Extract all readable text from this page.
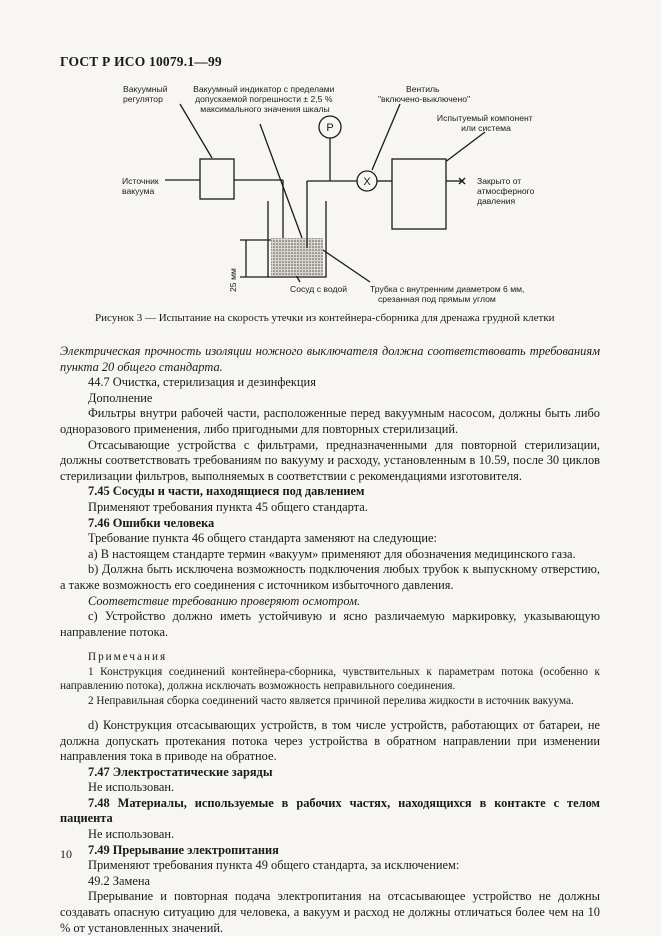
ГОСТ Р ИСО 10079.1—99
P
X
Вакуумный регулятор
Вакуумный индикатор с пределами допускаемой погрешности ± 2,5 % максимального значения шкалы
Вентиль "включено-выключено"
Испытуемый компонент или система
Источник вакуума
Закрыто от атмосферного давления
25 мм	Сосуд с водой	Трубка с внутренним диаметром 6 мм, срезанная под прямым углом
Рисунок 3 — Испытание на скорость утечки из контейнера-сборника для дренажа грудной клетки

Электрическая прочность изоляции ножного выключателя должна соответствовать требованиям пункта 20 общего стандарта.

44.7 Очистка, стерилизация и дезинфекция

Дополнение

Фильтры внутри рабочей части, расположенные перед вакуумным насосом, должны быть либо одноразового применения, либо пригодными для повторных стерилизаций.

Отсасывающие устройства с фильтрами, предназначенными для повторной стерилизации, должны соответствовать требованиям по вакууму и расходу, установленным в 10.59, после 30 циклов стерилизации фильтров, выполняемых в соответствии с рекомендациями изготовителя.

7.45 Сосуды и части, находящиеся под давлением

Применяют требования пункта 45 общего стандарта.

7.46 Ошибки человека

Требование пункта 46 общего стандарта заменяют на следующие:

а) В настоящем стандарте термин «вакуум» применяют для обозначения медицинского газа.

b) Должна быть исключена возможность подключения любых трубок к выпускному отверстию, а также возможность его соединения с источником избыточного давления.

Соответствие требованию проверяют осмотром.

с) Устройство должно иметь устойчивую и ясно различаемую маркировку, указывающую направление потока.

Примечания

1 Конструкция соединений контейнера-сборника, чувствительных к параметрам потока (особенно к направлению потока), должна исключать возможность неправильного соединения.

2 Неправильная сборка соединений часто является причиной перелива жидкости в источник вакуума.

d) Конструкция отсасывающих устройств, в том числе устройств, работающих от батареи, не должна допускать протекания потока через устройства в обратном направлении при изменении направления тока в приводе на обратное.

7.47 Электростатические заряды

Не использован.

7.48 Материалы, используемые в рабочих частях, находящихся в контакте с телом пациента

Не использован.

7.49 Прерывание электропитания

Применяют требования пункта 49 общего стандарта, за исключением:

49.2 Замена

Прерывание и повторная подача электропитания на отсасывающее устройство не должны создавать опасную ситуацию для человека, а вакуум и расход не должны отличаться более чем на 10 % от установленных значений.

10
